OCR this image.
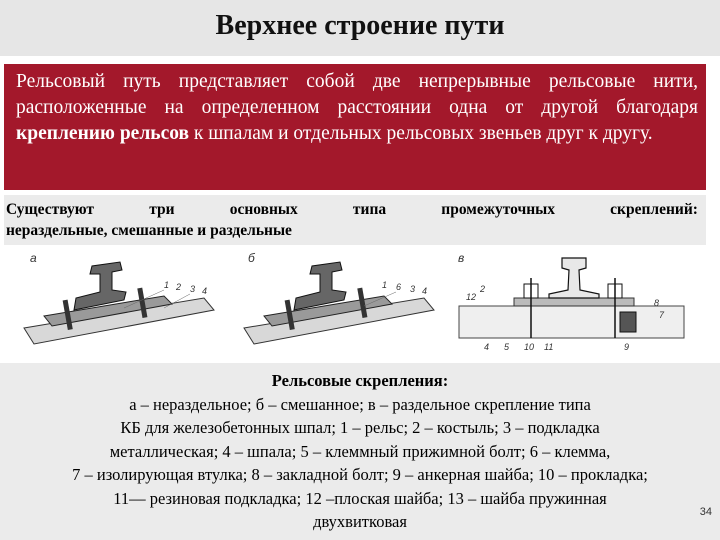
Верхнее строение пути
Рельсовый путь представляет собой две непрерывные рельсовые нити, расположенные на определенном расстоянии одна от другой благодаря креплению рельсов к шпалам и отдельных рельсовых звеньев друг к другу.
Существуют	три	основных	типа	промежуточных	скреплений:
нераздельные, смешанные и раздельные
а
1 2 3 4
б
1 6 3 4
в
12
2
8
7
4 5 10 11	9
Рельсовые скрепления:
а – нераздельное; б – смешанное; в – раздельное скрепление типа
КБ для железобетонных шпал; 1 – рельс; 2 – костыль; 3 – подкладка
металлическая; 4 – шпала; 5 – клеммный прижимной болт; 6 – клемма,
7 – изолирующая втулка; 8 – закладной болт; 9 – анкерная шайба; 10 – прокладка;
11— резиновая подкладка; 12 –плоская шайба; 13 – шайба пружинная
двухвитковая
34
